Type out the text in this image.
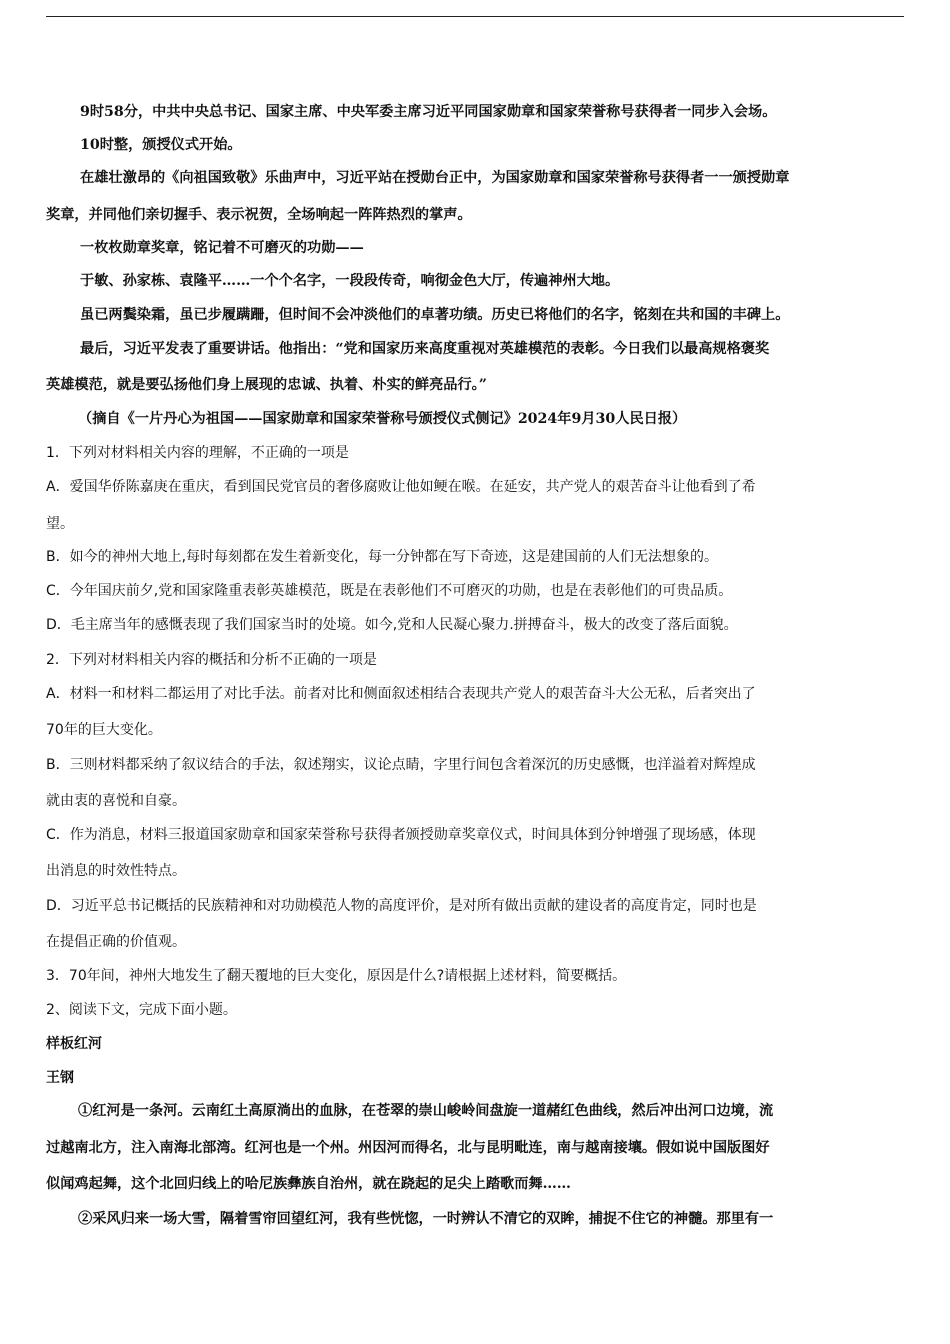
9时58分，中共中央总书记、国家主席、中央军委主席习近平同国家勋章和国家荣誉称号获得者一同步入会场。
10时整，颁授仪式开始。
在雄壮激昂的《向祖国致敬》乐曲声中，习近平站在授勋台正中，为国家勋章和国家荣誉称号获得者一一颁授勋章
奖章，并同他们亲切握手、表示祝贺，全场响起一阵阵热烈的掌声。
一枚枚勋章奖章，铭记着不可磨灭的功勋——
于敏、孙家栋、袁隆平……一个个名字，一段段传奇，响彻金色大厅，传遍神州大地。
虽已两鬓染霜，虽已步履蹒跚，但时间不会冲淡他们的卓著功绩。历史已将他们的名字，铭刻在共和国的丰碑上。
最后，习近平发表了重要讲话。他指出：“党和国家历来高度重视对英雄模范的表彰。今日我们以最高规格褒奖
英雄模范，就是要弘扬他们身上展现的忠诚、执着、朴实的鲜亮品行。”
（摘自《一片丹心为祖国——国家勋章和国家荣誉称号颁授仪式侧记》2024年9月30人民日报）
1．下列对材料相关内容的理解，不正确的一项是
A．爱国华侨陈嘉庚在重庆，看到国民党官员的奢侈腐败让他如鲠在喉。在延安，共产党人的艰苦奋斗让他看到了希
望。
B．如今的神州大地上,每时每刻都在发生着新变化，每一分钟都在写下奇迹，这是建国前的人们无法想象的。
C．今年国庆前夕,党和国家隆重表彰英雄模范，既是在表彰他们不可磨灭的功勋，也是在表彰他们的可贵品质。
D．毛主席当年的感慨表现了我们国家当时的处境。如今,党和人民凝心聚力.拼搏奋斗，极大的改变了落后面貌。
2．下列对材料相关内容的概括和分析不正确的一项是
A．材料一和材料二都运用了对比手法。前者对比和侧面叙述相结合表现共产党人的艰苦奋斗大公无私，后者突出了
70年的巨大变化。
B．三则材料都采纳了叙议结合的手法，叙述翔实，议论点睛，字里行间包含着深沉的历史感慨，也洋溢着对辉煌成
就由衷的喜悦和自豪。
C．作为消息，材料三报道国家勋章和国家荣誉称号获得者颁授勋章奖章仪式，时间具体到分钟增强了现场感，体现
出消息的时效性特点。
D．习近平总书记概括的民族精神和对功勋模范人物的高度评价，是对所有做出贡献的建设者的高度肯定，同时也是
在提倡正确的价值观。
3．70年间，神州大地发生了翻天覆地的巨大变化，原因是什么?请根据上述材料，简要概括。
2、阅读下文，完成下面小题。
样板红河
王钢
①红河是一条河。云南红土高原淌出的血脉，在苍翠的崇山峻岭间盘旋一道赭红色曲线，然后冲出河口边境，流
过越南北方，注入南海北部湾。红河也是一个州。州因河而得名，北与昆明毗连，南与越南接壤。假如说中国版图好
似闻鸡起舞，这个北回归线上的哈尼族彝族自治州，就在跷起的足尖上踏歌而舞……
②采风归来一场大雪，隔着雪帘回望红河，我有些恍惚，一时辨认不清它的双眸，捕捉不住它的神髓。那里有一
